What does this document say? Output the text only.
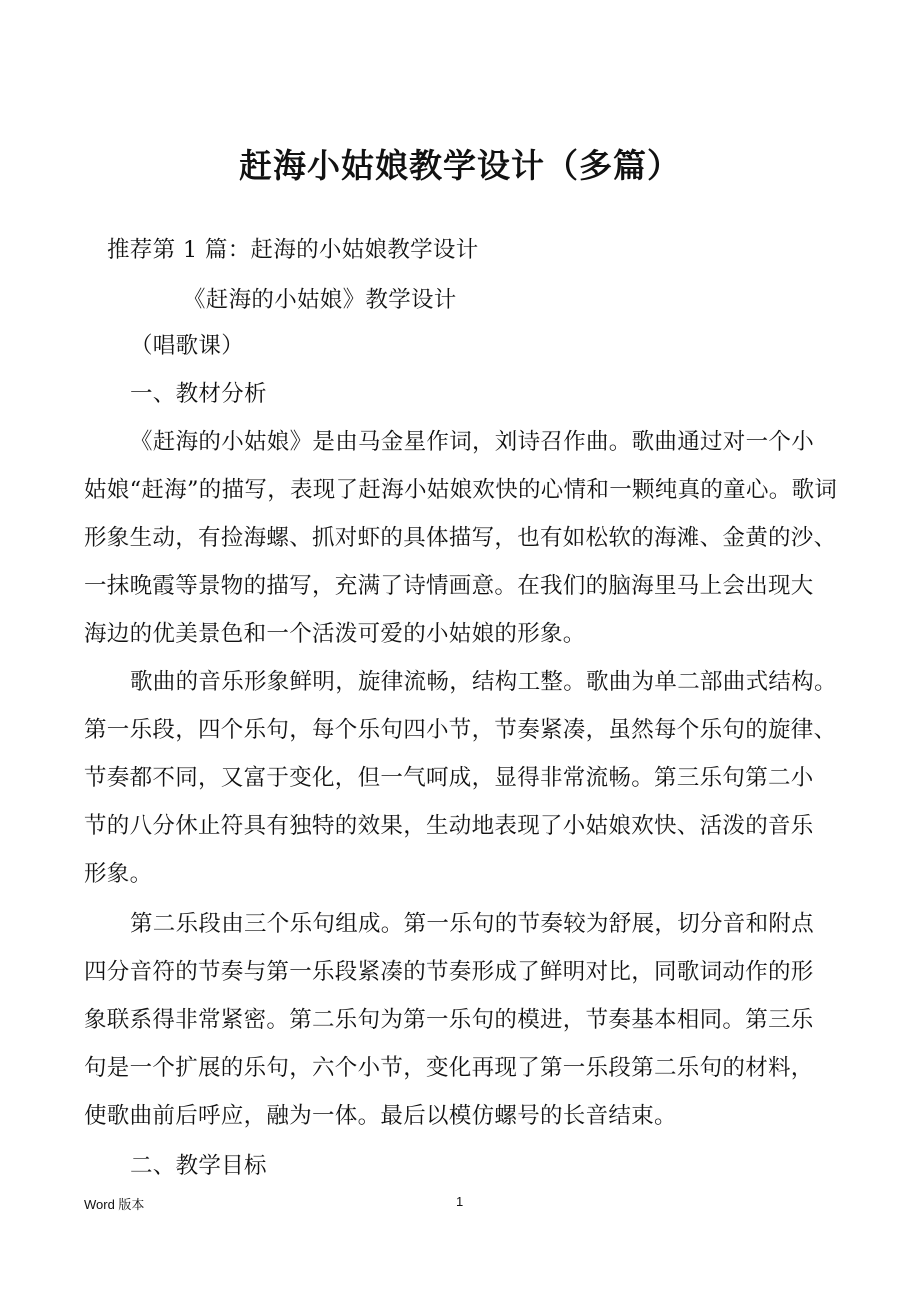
赶海小姑娘教学设计（多篇）
推荐第 1 篇：赶海的小姑娘教学设计
《赶海的小姑娘》教学设计
（唱歌课）
一、教材分析
《赶海的小姑娘》是由马金星作词，刘诗召作曲。歌曲通过对一个小
姑娘“赶海”的描写，表现了赶海小姑娘欢快的心情和一颗纯真的童心。歌词
形象生动，有捡海螺、抓对虾的具体描写，也有如松软的海滩、金黄的沙、
一抹晚霞等景物的描写，充满了诗情画意。在我们的脑海里马上会出现大
海边的优美景色和一个活泼可爱的小姑娘的形象。
歌曲的音乐形象鲜明，旋律流畅，结构工整。歌曲为单二部曲式结构。
第一乐段，四个乐句，每个乐句四小节，节奏紧凑，虽然每个乐句的旋律、
节奏都不同，又富于变化，但一气呵成，显得非常流畅。第三乐句第二小
节的八分休止符具有独特的效果，生动地表现了小姑娘欢快、活泼的音乐
形象。
第二乐段由三个乐句组成。第一乐句的节奏较为舒展，切分音和附点
四分音符的节奏与第一乐段紧凑的节奏形成了鲜明对比，同歌词动作的形
象联系得非常紧密。第二乐句为第一乐句的模进，节奏基本相同。第三乐
句是一个扩展的乐句，六个小节，变化再现了第一乐段第二乐句的材料，
使歌曲前后呼应，融为一体。最后以模仿螺号的长音结束。
二、教学目标
Word 版本	1
